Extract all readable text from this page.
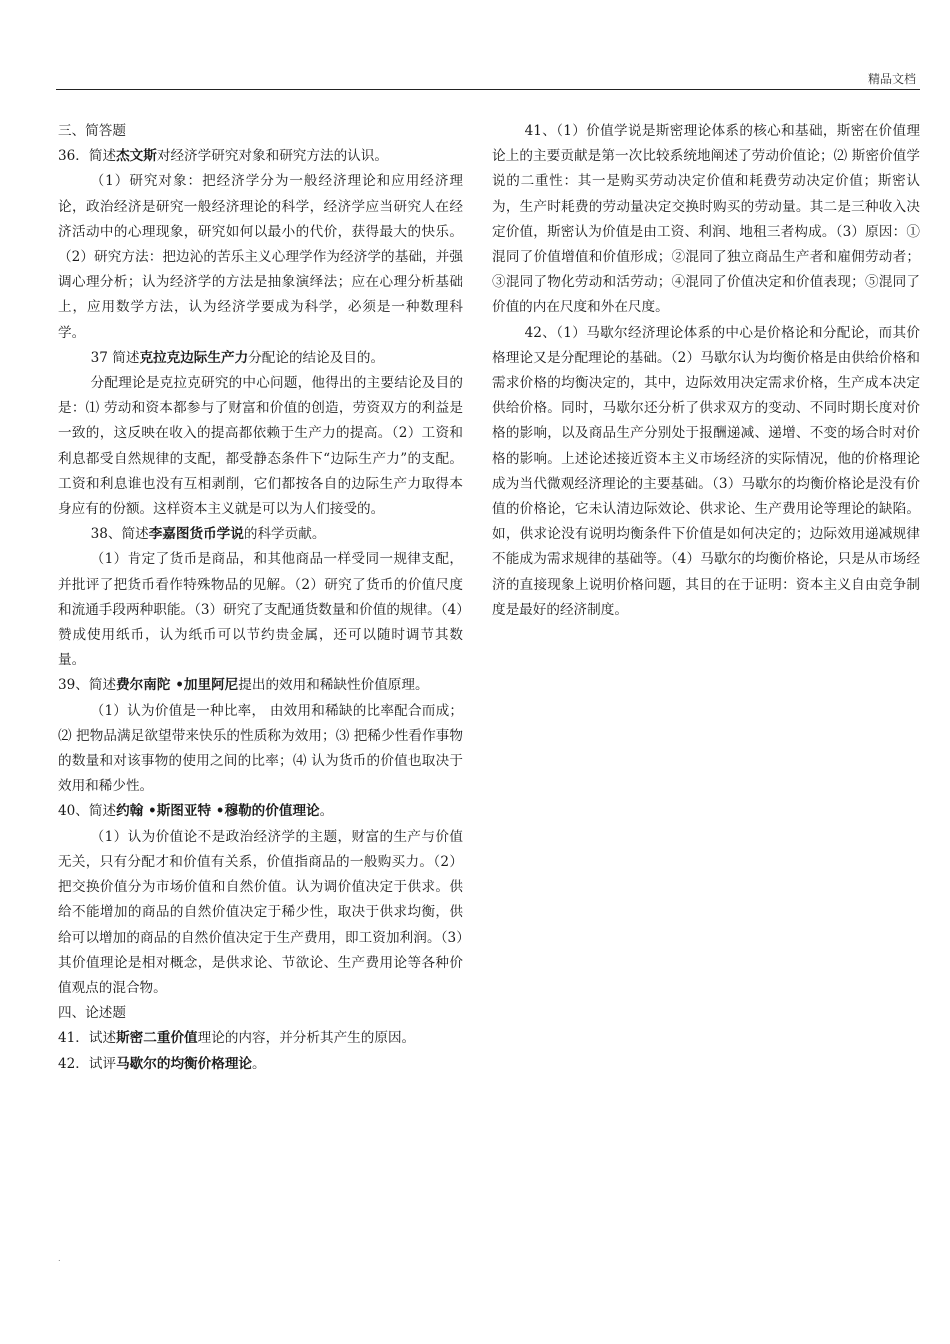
精品文档

三、简答题

36．简述杰文斯对经济学研究对象和研究方法的认识。

（1）研究对象：把经济学分为一般经济理论和应用经济理论，政治经济是研究一般经济理论的科学，经济学应当研究人在经济活动中的心理现象，研究如何以最小的代价，获得最大的快乐。（2）研究方法：把边沁的苦乐主义心理学作为经济学的基础，并强调心理分析；认为经济学的方法是抽象演绎法；应在心理分析基础上，应用数学方法，认为经济学要成为科学，必须是一种数理科学。

37 简述克拉克边际生产力分配论的结论及目的。

分配理论是克拉克研究的中心问题，他得出的主要结论及目的是：⑴ 劳动和资本都参与了财富和价值的创造，劳资双方的利益是一致的，这反映在收入的提高都依赖于生产力的提高。（2）工资和利息都受自然规律的支配，都受静态条件下“边际生产力”的支配。工资和利息谁也没有互相剥削，它们都按各自的边际生产力取得本身应有的份额。这样资本主义就是可以为人们接受的。

38、简述李嘉图货币学说的科学贡献。

（1）肯定了货币是商品，和其他商品一样受同一规律支配，并批评了把货币看作特殊物品的见解。（2）研究了货币的价值尺度和流通手段两种职能。（3）研究了支配通货数量和价值的规律。（4）赞成使用纸币，认为纸币可以节约贵金属，还可以随时调节其数量。

39、简述费尔南陀 •加里阿尼提出的效用和稀缺性价值原理。

（1）认为价值是一种比率， 由效用和稀缺的比率配合而成；⑵ 把物品满足欲望带来快乐的性质称为效用；⑶ 把稀少性看作事物的数量和对该事物的使用之间的比率；⑷ 认为货币的价值也取决于效用和稀少性。

40、简述约翰 •斯图亚特 •穆勒的价值理论。

（1）认为价值论不是政治经济学的主题，财富的生产与价值无关，只有分配才和价值有关系，价值指商品的一般购买力。（2）把交换价值分为市场价值和自然价值。认为调价值决定于供求。供给不能增加的商品的自然价值决定于稀少性，取决于供求均衡，供给可以增加的商品的自然价值决定于生产费用，即工资加利润。（3）其价值理论是相对概念，是供求论、节欲论、生产费用论等各种价值观点的混合物。

四、论述题

41．试述斯密二重价值理论的内容，并分析其产生的原因。

42．试评马歇尔的均衡价格理论。

41、（1）价值学说是斯密理论体系的核心和基础，斯密在价值理论上的主要贡献是第一次比较系统地阐述了劳动价值论；⑵ 斯密价值学说的二重性：其一是购买劳动决定价值和耗费劳动决定价值；斯密认为，生产时耗费的劳动量决定交换时购买的劳动量。其二是三种收入决定价值，斯密认为价值是由工资、利润、地租三者构成。（3）原因：①混同了价值增值和价值形成；②混同了独立商品生产者和雇佣劳动者；③混同了物化劳动和活劳动；④混同了价值决定和价值表现；⑤混同了价值的内在尺度和外在尺度。

42、（1）马歇尔经济理论体系的中心是价格论和分配论，而其价格理论又是分配理论的基础。（2）马歇尔认为均衡价格是由供给价格和需求价格的均衡决定的，其中，边际效用决定需求价格，生产成本决定供给价格。同时，马歇尔还分析了供求双方的变动、不同时期长度对价格的影响，以及商品生产分别处于报酬递减、递增、不变的场合时对价格的影响。上述论述接近资本主义市场经济的实际情况，他的价格理论成为当代微观经济理论的主要基础。（3）马歇尔的均衡价格论是没有价值的价格论，它未认清边际效论、供求论、生产费用论等理论的缺陷。如，供求论没有说明均衡条件下价值是如何决定的；边际效用递减规律不能成为需求规律的基础等。（4）马歇尔的均衡价格论，只是从市场经济的直接现象上说明价格问题，其目的在于证明：资本主义自由竞争制度是最好的经济制度。

.
